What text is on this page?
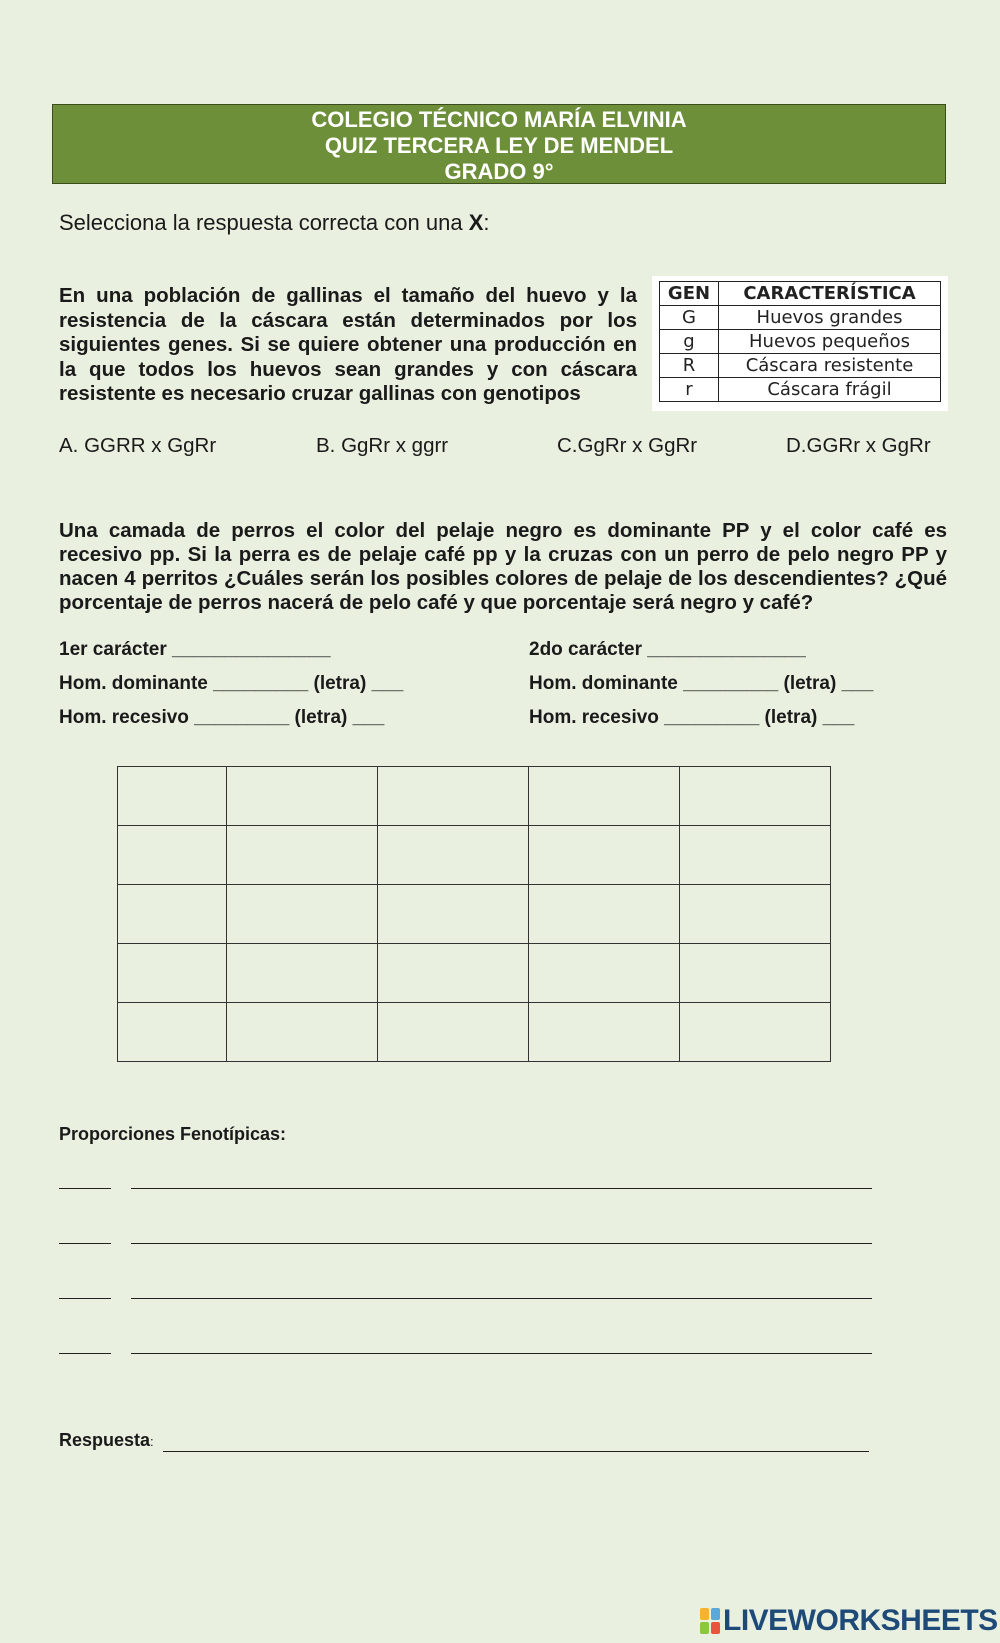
COLEGIO TÉCNICO MARÍA ELVINIA
QUIZ TERCERA LEY DE MENDEL
GRADO 9°
Selecciona la respuesta correcta con una X:
En una población de gallinas el tamaño del huevo y la resistencia de la cáscara están determinados por los siguientes genes. Si se quiere obtener una producción en la que todos los huevos sean grandes y con cáscara resistente es necesario cruzar gallinas con genotipos
GEN	CARACTERÍSTICA
G	Huevos grandes
g	Huevos pequeños
R	Cáscara resistente
r	Cáscara frágil
A. GGRR x GgRr	B. GgRr x ggrr	C.GgRr x GgRr	D.GGRr x GgRr
Una camada de perros el color del pelaje negro es dominante PP y el color café es recesivo pp. Si la perra es de pelaje café pp y la cruzas con un perro de pelo negro PP y nacen 4 perritos ¿Cuáles serán los posibles colores de pelaje de los descendientes? ¿Qué porcentaje de perros nacerá de pelo café y que porcentaje será negro y café?
1er carácter _______________	2do carácter _______________
Hom. dominante _________ (letra) ___	Hom. dominante _________ (letra) ___
Hom. recesivo _________ (letra) ___	Hom. recesivo _________ (letra) ___

Proporciones Fenotípicas:
Respuesta:
LIVEWORKSHEETS
